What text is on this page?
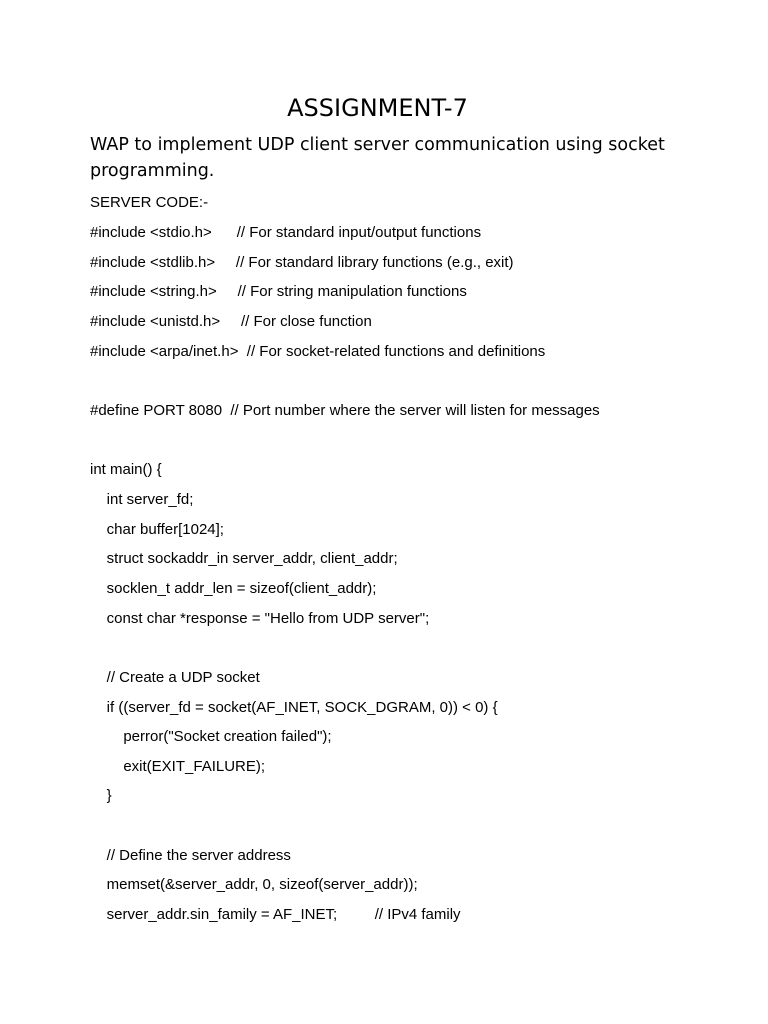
ASSIGNMENT-7
WAP to implement UDP client server communication using socket programming.
SERVER CODE:-
#include <stdio.h>      // For standard input/output functions
#include <stdlib.h>     // For standard library functions (e.g., exit)
#include <string.h>     // For string manipulation functions
#include <unistd.h>     // For close function
#include <arpa/inet.h>  // For socket-related functions and definitions
#define PORT 8080  // Port number where the server will listen for messages
int main() {
int server_fd;
char buffer[1024];
struct sockaddr_in server_addr, client_addr;
socklen_t addr_len = sizeof(client_addr);
const char *response = "Hello from UDP server";
// Create a UDP socket
if ((server_fd = socket(AF_INET, SOCK_DGRAM, 0)) < 0) {
perror("Socket creation failed");
exit(EXIT_FAILURE);
}
// Define the server address
memset(&server_addr, 0, sizeof(server_addr));
server_addr.sin_family = AF_INET;         // IPv4 family
